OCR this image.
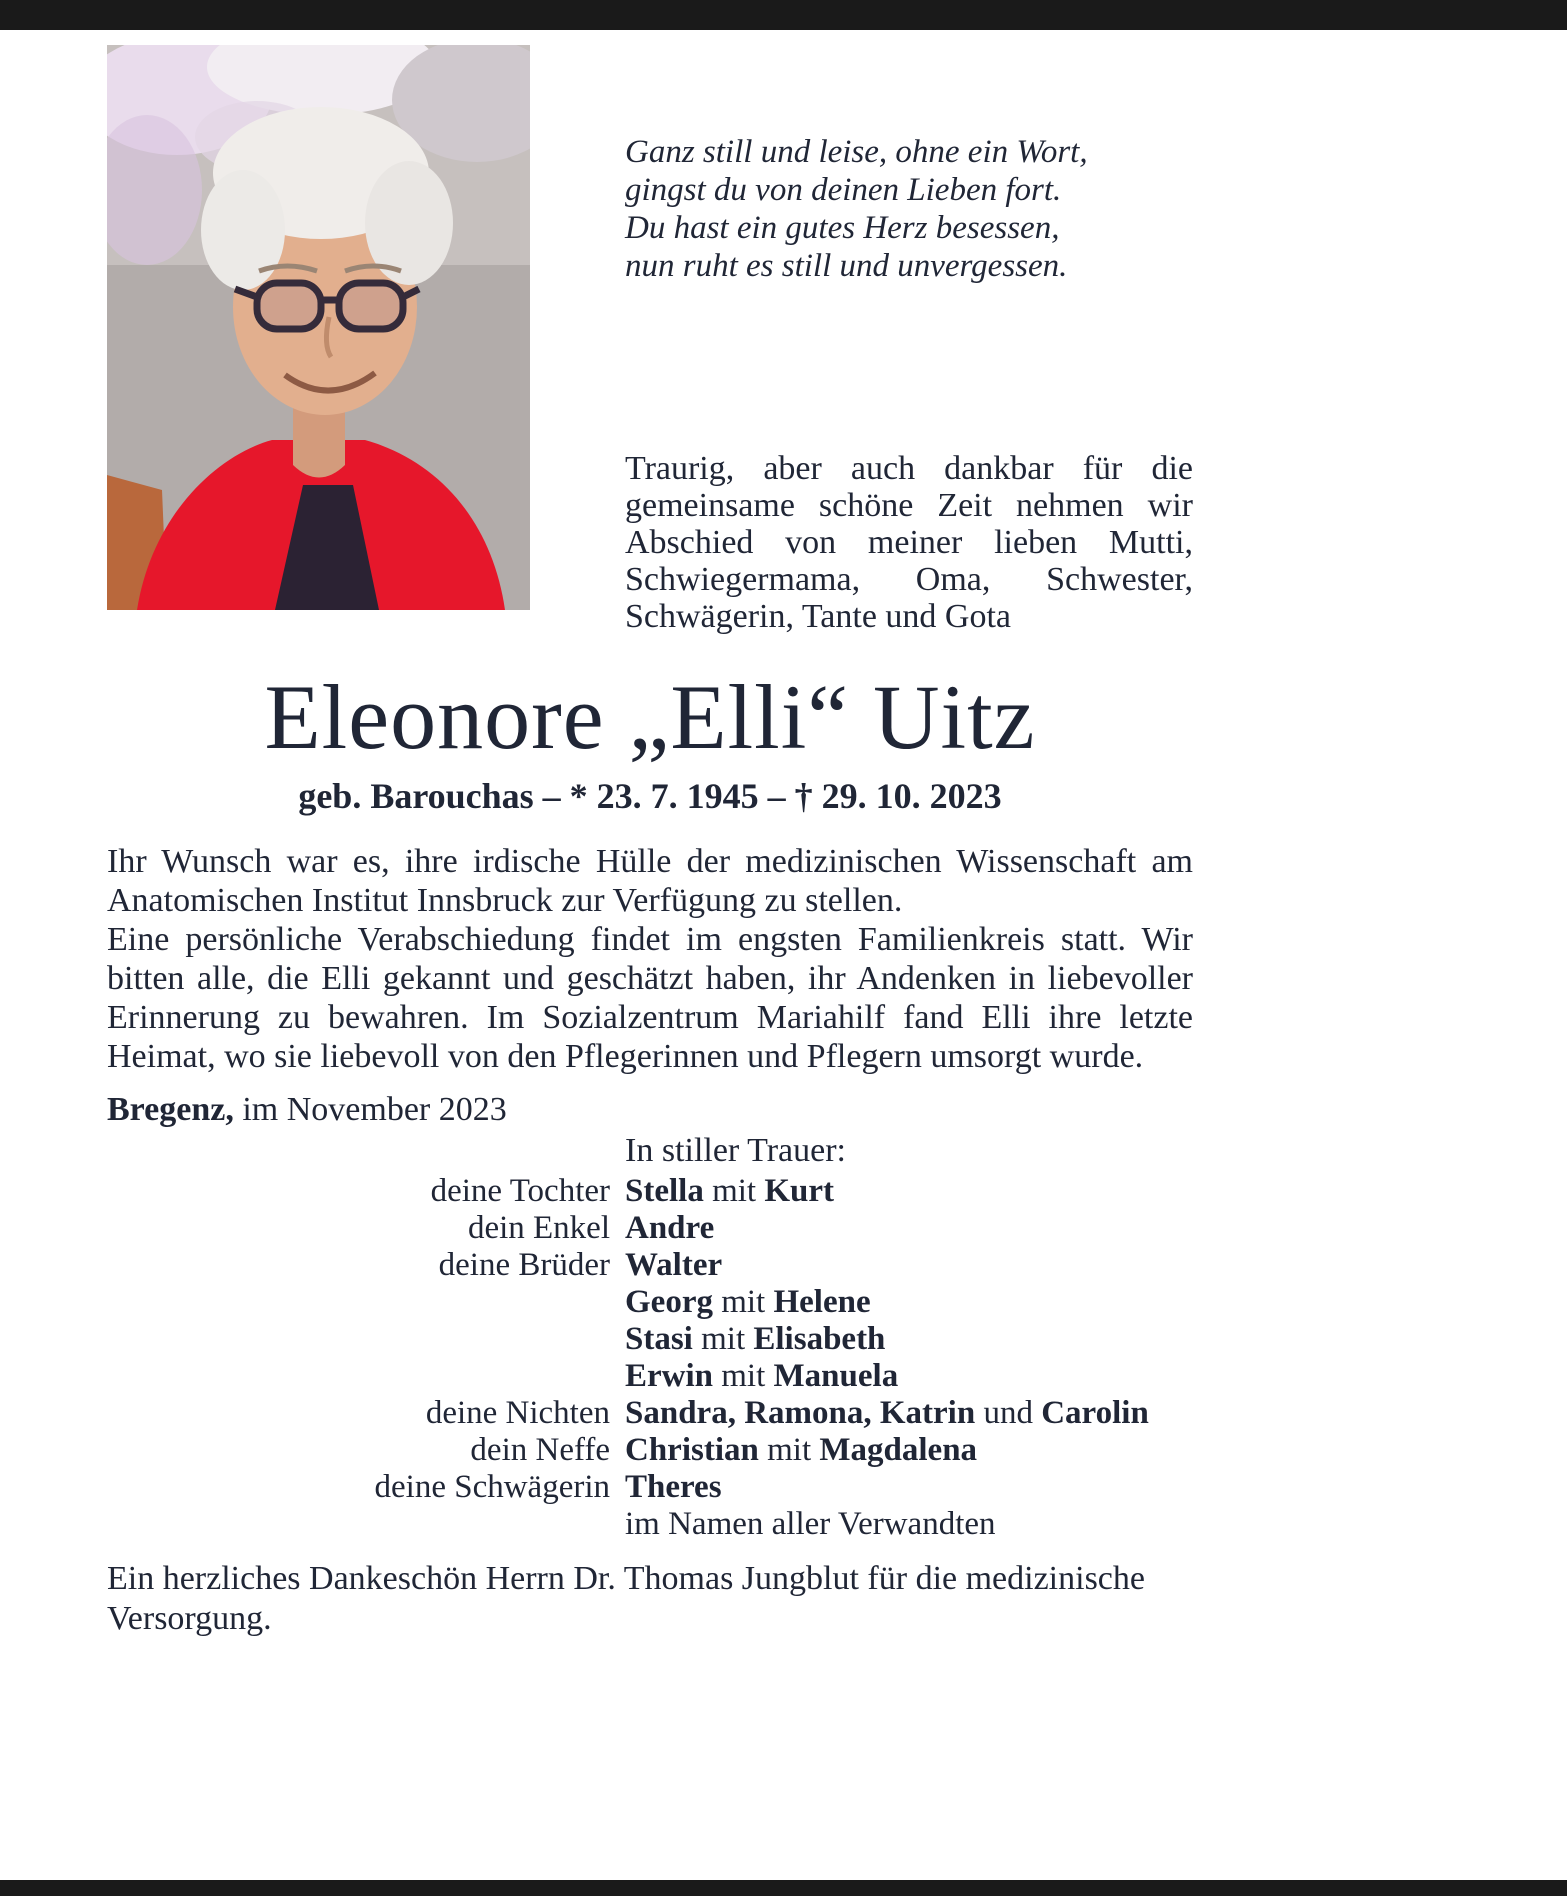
Ganz still und leise, ohne ein Wort,
gingst du von deinen Lieben fort.
Du hast ein gutes Herz besessen,
nun ruht es still und unvergessen.
Traurig, aber auch dankbar für die gemeinsame schöne Zeit nehmen wir Abschied von meiner lieben Mutti, Schwiegermama, Oma, Schwester, Schwägerin, Tante und Gota
Eleonore „Elli“ Uitz
geb. Barouchas – * 23. 7. 1945 – † 29. 10. 2023

Ihr Wunsch war es, ihre irdische Hülle der medizinischen Wissenschaft am Anatomischen Institut Innsbruck zur Verfügung zu stellen.

Eine persönliche Verabschiedung findet im engsten Familienkreis statt. Wir bitten alle, die Elli gekannt und geschätzt haben, ihr Andenken in liebevoller Erinnerung zu bewahren. Im Sozialzentrum Mariahilf fand Elli ihre letzte Heimat, wo sie liebevoll von den Pflegerinnen und Pflegern umsorgt wurde.

Bregenz, im November 2023
In stiller Trauer:
deine Tochter Stella mit Kurt
dein Enkel Andre
deine Brüder Walter
Georg mit Helene
Stasi mit Elisabeth
Erwin mit Manuela
deine Nichten Sandra, Ramona, Katrin und Carolin
dein Neffe Christian mit Magdalena
deine Schwägerin Theres
im Namen aller Verwandten
Ein herzliches Dankeschön Herrn Dr. Thomas Jungblut für die medizinische Versorgung.
